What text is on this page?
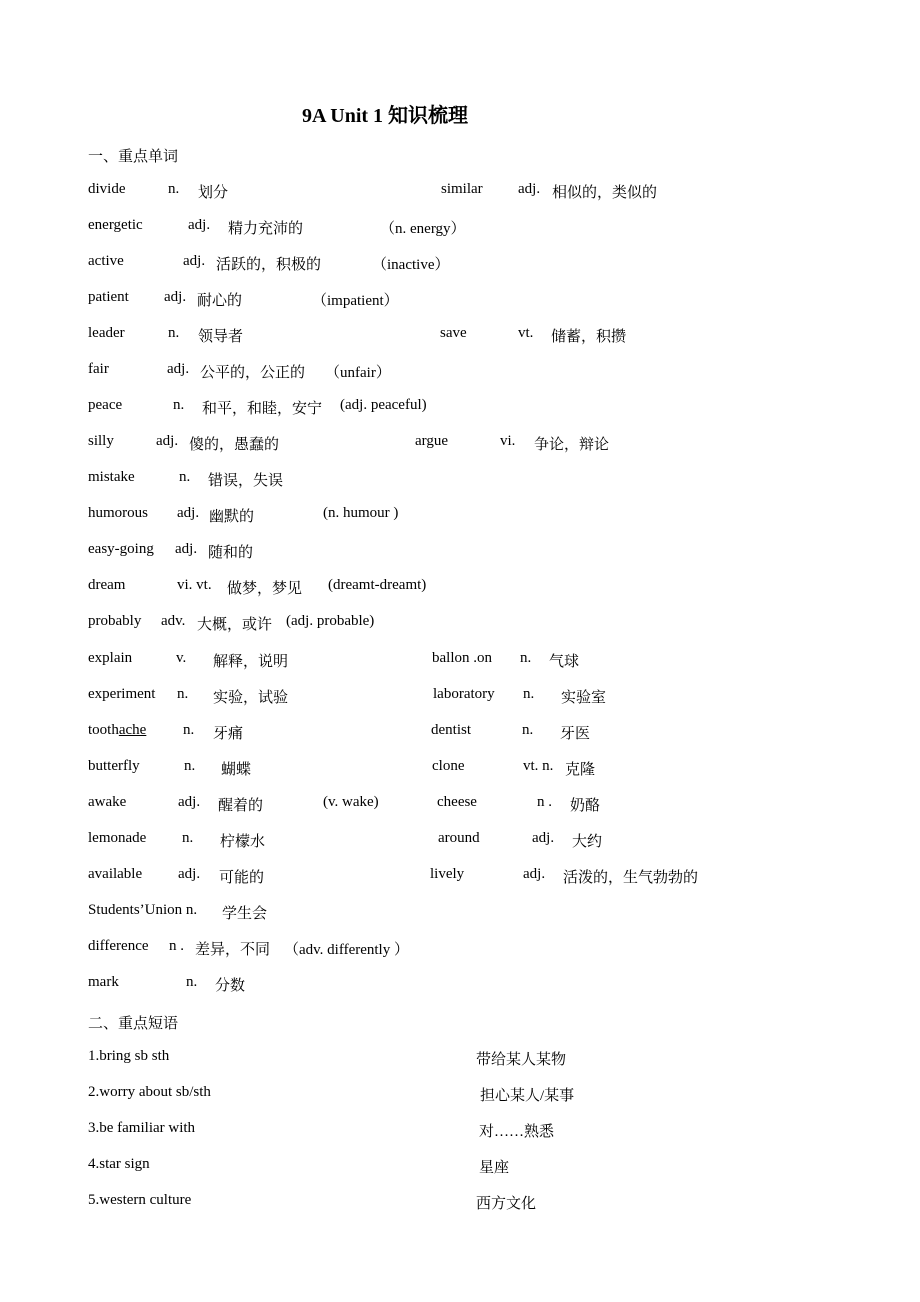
9A Unit 1 知识梳理
一、重点单词
divide	n. 划分	similar adj. 相似的，类似的
energetic	adj. 精力充沛的	（n. energy）
active	adj. 活跃的，积极的	（inactive）
patient adj. 耐心的	（impatient）
leader	n. 领导者	save	vt. 储蓄，积攒
fair	adj. 公平的，公正的 （unfair）
peace	n. 和平，和睦，安宁 (adj. peaceful)
silly	adj. 傻的，愚蠢的	argue	vi. 争论，辩论
mistake	n. 错误，失误
humorous adj. 幽默的	(n. humour )
easy-going adj. 随和的
dream	vi. vt. 做梦，梦见 (dreamt-dreamt)
probably adv. 大概，或许 (adj. probable)
explain	v. 解释，说明	ballon .on n. 气球
experiment n. 实验，试验	laboratory n. 实验室
toothache n. 牙痛	dentist	n. 牙医
butterfly	n. 蝴蝶	clone	vt. n. 克隆
awake	adj. 醒着的	(v. wake)	cheese	n . 奶酪
lemonade n. 柠檬水	around	adj. 大约
available adj. 可能的	lively	adj. 活泼的，生气勃勃的
Students’Union n. 学生会
difference n . 差异，不同 （adv. differently ）
mark	n. 分数
二、重点短语
1.bring sb sth	带给某人某物
2.worry about sb/sth	担心某人/某事
3.be familiar with	对……熟悉
4.star sign	星座
5.western culture	西方文化
